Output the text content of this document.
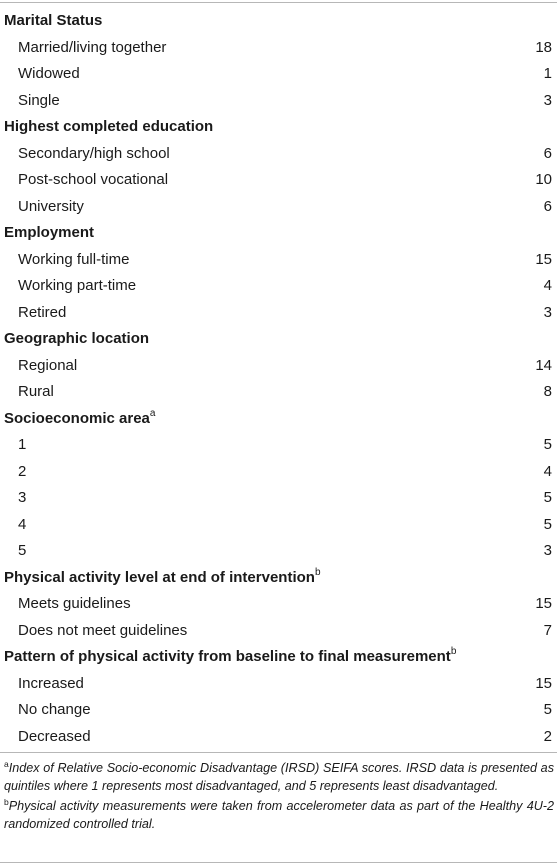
Marital Status
Married/living together	18
Widowed	1
Single	3
Highest completed education
Secondary/high school	6
Post-school vocational	10
University	6
Employment
Working full-time	15
Working part-time	4
Retired	3
Geographic location
Regional	14
Rural	8
Socioeconomic area$^a$
1	5
2	4
3	5
4	5
5	3
Physical activity level at end of intervention$^b$
Meets guidelines	15
Does not meet guidelines	7
Pattern of physical activity from baseline to final measurement$^b$
Increased	15
No change	5
Decreased	2
$^a$Index of Relative Socio-economic Disadvantage (IRSD) SEIFA scores. IRSD data is presented as quintiles where 1 represents most disadvantaged, and 5 represents least disadvantaged.
$^b$Physical activity measurements were taken from accelerometer data as part of the Healthy 4U-2 randomized controlled trial.
